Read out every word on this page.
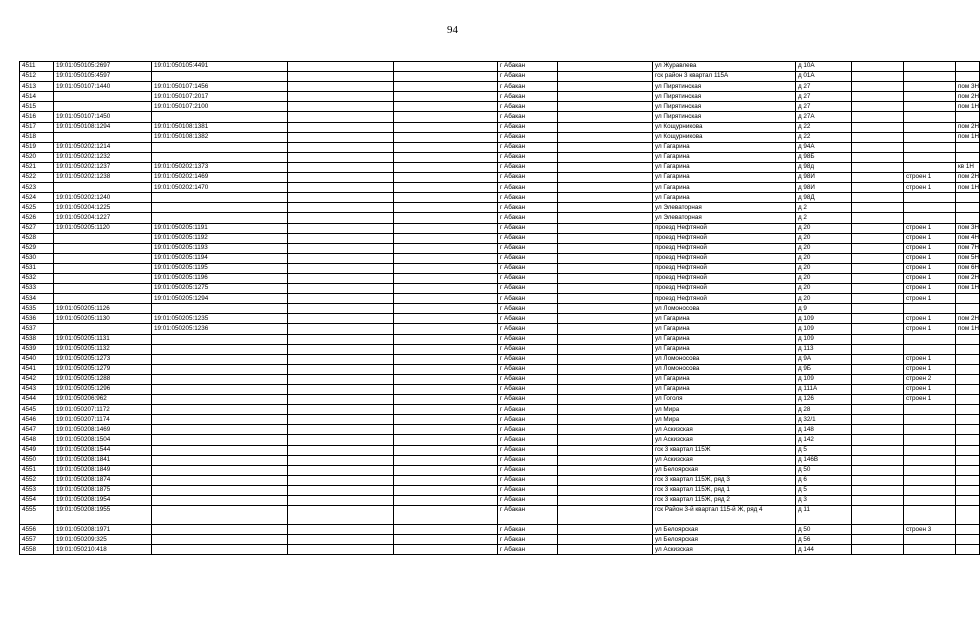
94
4511	19:01:050105:2697	19:01:050105:4491			г Абакан		ул Журавлева	д 10А			
4512	19:01:050105:4597				г Абакан		гск район 3 квартал 115А	д 01А			
4513	19:01:050107:1440	19:01:050107:1456			г Абакан		ул Пирятинская	д 27			пом 3Н
4514		19:01:050107:2017			г Абакан		ул Пирятинская	д 27			пом 2Н
4515		19:01:050107:2100			г Абакан		ул Пирятинская	д 27			пом 1Н
4516	19:01:050107:1450				г Абакан		ул Пирятинская	д 27А			
4517	19:01:050108:1294	19:01:050108:1381			г Абакан		ул Кощурникова	д 22			пом 2Н
4518		19:01:050108:1382			г Абакан		ул Кощурникова	д 22			пом 1Н
4519	19:01:050202:1214				г Абакан		ул Гагарина	д 94А			
4520	19:01:050202:1232				г Абакан		ул Гагарина	д 98Б			
4521	19:01:050202:1237	19:01:050202:1373			г Абакан		ул Гагарина	д 98д			кв 1Н
4522	19:01:050202:1238	19:01:050202:1469			г Абакан		ул Гагарина	д 98И		строен 1	пом 2Н
4523		19:01:050202:1470			г Абакан		ул Гагарина	д 98И		строен 1	пом 1Н
4524	19:01:050202:1240				г Абакан		ул Гагарина	д 98Д			
4525	19:01:050204:1225				г Абакан		ул Элеваторная	д 2			
4526	19:01:050204:1227				г Абакан		ул Элеваторная	д 2			
4527	19:01:050205:1120	19:01:050205:1191			г Абакан		проезд Нефтяной	д 20		строен 1	пом 3Н
4528		19:01:050205:1192			г Абакан		проезд Нефтяной	д 20		строен 1	пом 4Н
4529		19:01:050205:1193			г Абакан		проезд Нефтяной	д 20		строен 1	пом 7Н
4530		19:01:050205:1194			г Абакан		проезд Нефтяной	д 20		строен 1	пом 5Н
4531		19:01:050205:1195			г Абакан		проезд Нефтяной	д 20		строен 1	пом 6Н
4532		19:01:050205:1196			г Абакан		проезд Нефтяной	д 20		строен 1	пом 2Н
4533		19:01:050205:1275			г Абакан		проезд Нефтяной	д 20		строен 1	пом 1Н
4534		19:01:050205:1294			г Абакан		проезд Нефтяной	д 20		строен 1	
4535	19:01:050205:1126				г Абакан		ул Ломоносова	д 9			
4536	19:01:050205:1130	19:01:050205:1235			г Абакан		ул Гагарина	д 109		строен 1	пом 2Н
4537		19:01:050205:1236			г Абакан		ул Гагарина	д 109		строен 1	пом 1Н
4538	19:01:050205:1131				г Абакан		ул Гагарина	д 109			
4539	19:01:050205:1132				г Абакан		ул Гагарина	д 113			
4540	19:01:050205:1273				г Абакан		ул Ломоносова	д 9А		строен 1	
4541	19:01:050205:1279				г Абакан		ул Ломоносова	д 9Б		строен 1	
4542	19:01:050205:1288				г Абакан		ул Гагарина	д 109		строен 2	
4543	19:01:050205:1296				г Абакан		ул Гагарина	д 111А		строен 1	
4544	19:01:050206:962				г Абакан		ул Гоголя	д 126		строен 1	
4545	19:01:050207:1172				г Абакан		ул Мира	д 28			
4546	19:01:050207:1174				г Абакан		ул Мира	д 32/1			
4547	19:01:050208:1469				г Абакан		ул Аскизская	д 148			
4548	19:01:050208:1504				г Абакан		ул Аскизская	д 142			
4549	19:01:050208:1544				г Абакан		гск 3 квартал 115Ж	д 5			
4550	19:01:050208:1841				г Абакан		ул Аскизская	д 146В			
4551	19:01:050208:1849				г Абакан		ул Белоярская	д 50			
4552	19:01:050208:1874				г Абакан		гск 3 квартал 115Ж, ряд 3	д 6			
4553	19:01:050208:1875				г Абакан		гск 3 квартал 115Ж, ряд 1	д 5			
4554	19:01:050208:1954				г Абакан		гск 3 квартал 115Ж, ряд 2	д 3			
4555	19:01:050208:1955				г Абакан		гск Район 3-й квартал 115-й Ж, ряд 4	д 11			
4556	19:01:050208:1971				г Абакан		ул Белоярская	д 50		строен 3	
4557	19:01:050209:325				г Абакан		ул Белоярская	д 56			
4558	19:01:050210:418				г Абакан		ул Аскизская	д 144			
